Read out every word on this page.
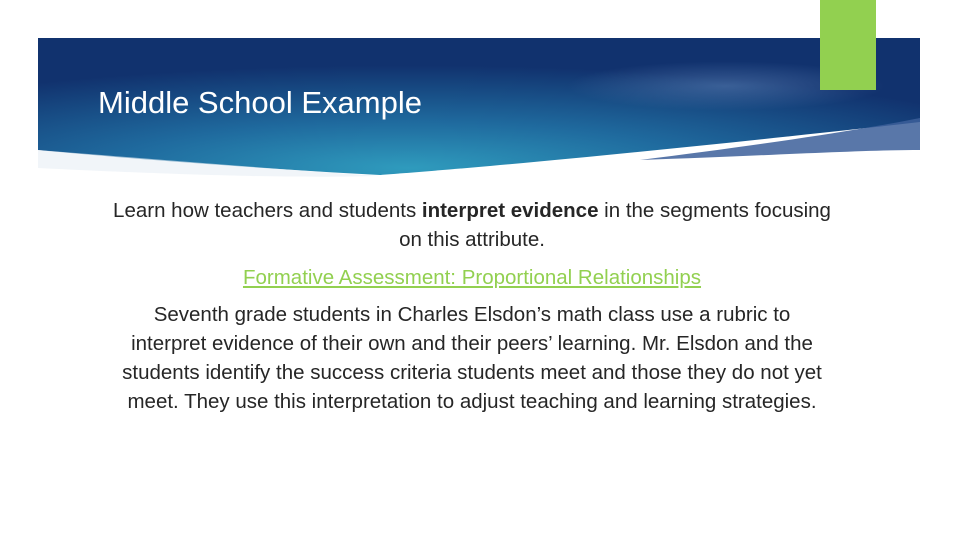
Middle School Example

Learn how teachers and students interpret evidence in the segments focusing on this attribute.

Formative Assessment: Proportional Relationships

Seventh grade students in Charles Elsdon’s math class use a rubric to interpret evidence of their own and their peers’ learning. Mr. Elsdon and the students identify the success criteria students meet and those they do not yet meet. They use this interpretation to adjust teaching and learning strategies.
